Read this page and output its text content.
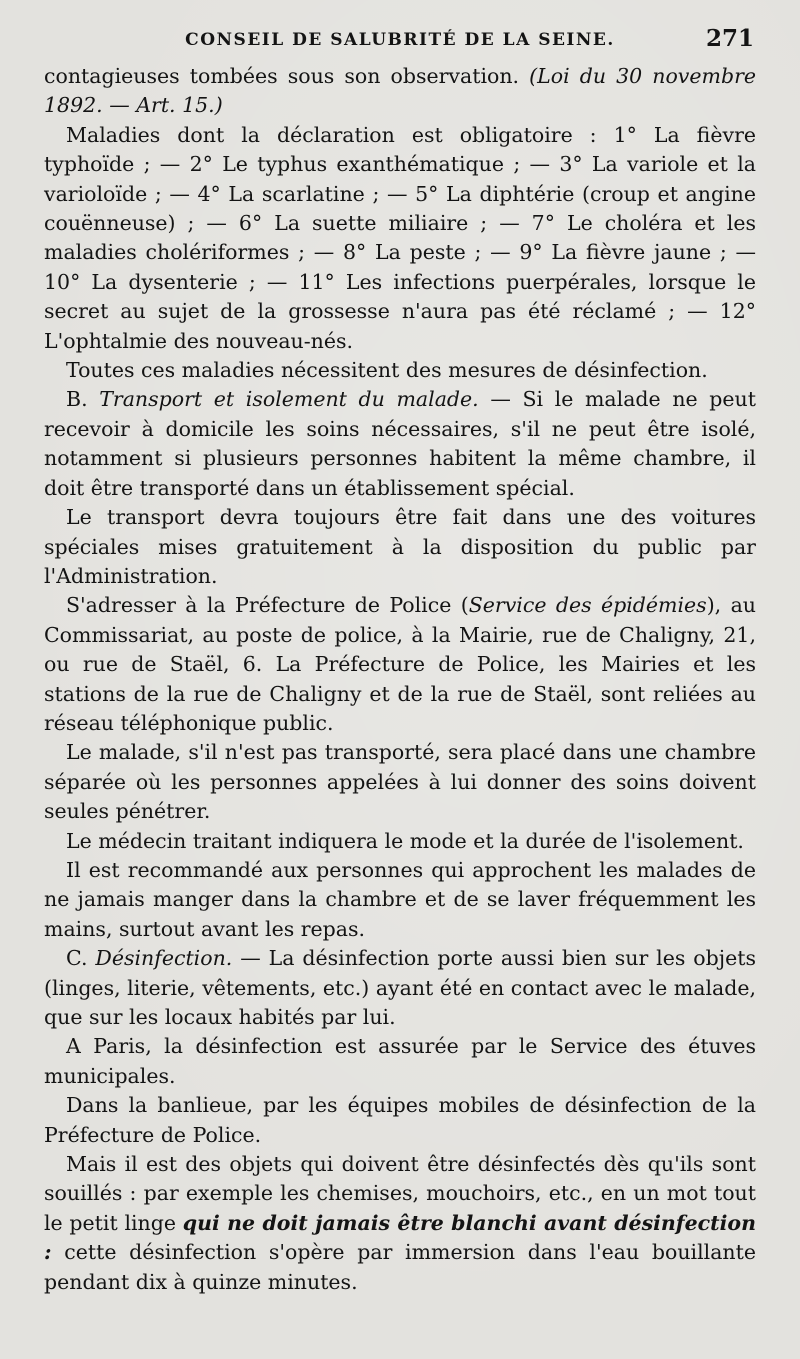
CONSEIL DE SALUBRITÉ DE LA SEINE.	271

contagieuses tombées sous son observation. (Loi du 30 novembre 1892. — Art. 15.)

Maladies dont la déclaration est obligatoire : 1° La fièvre typhoïde ; — 2° Le typhus exanthématique ; — 3° La variole et la varioloïde ; — 4° La scarlatine ; — 5° La diphtérie (croup et angine couënneuse) ; — 6° La suette miliaire ; — 7° Le choléra et les maladies cholériformes ; — 8° La peste ; — 9° La fièvre jaune ; — 10° La dysenterie ; — 11° Les infections puerpérales, lorsque le secret au sujet de la grossesse n'aura pas été réclamé ; — 12° L'ophtalmie des nouveau-nés.

Toutes ces maladies nécessitent des mesures de désinfection.

B. Transport et isolement du malade. — Si le malade ne peut recevoir à domicile les soins nécessaires, s'il ne peut être isolé, notamment si plusieurs personnes habitent la même chambre, il doit être transporté dans un établissement spécial.

Le transport devra toujours être fait dans une des voitures spéciales mises gratuitement à la disposition du public par l'Administration.

S'adresser à la Préfecture de Police (Service des épidémies), au Commissariat, au poste de police, à la Mairie, rue de Chaligny, 21, ou rue de Staël, 6. La Préfecture de Police, les Mairies et les stations de la rue de Chaligny et de la rue de Staël, sont reliées au réseau téléphonique public.

Le malade, s'il n'est pas transporté, sera placé dans une chambre séparée où les personnes appelées à lui donner des soins doivent seules pénétrer.

Le médecin traitant indiquera le mode et la durée de l'isolement.

Il est recommandé aux personnes qui approchent les malades de ne jamais manger dans la chambre et de se laver fréquemment les mains, surtout avant les repas.

C. Désinfection. — La désinfection porte aussi bien sur les objets (linges, literie, vêtements, etc.) ayant été en contact avec le malade, que sur les locaux habités par lui.

A Paris, la désinfection est assurée par le Service des étuves municipales.

Dans la banlieue, par les équipes mobiles de désinfection de la Préfecture de Police.

Mais il est des objets qui doivent être désinfectés dès qu'ils sont souillés : par exemple les chemises, mouchoirs, etc., en un mot tout le petit linge qui ne doit jamais être blanchi avant désinfection : cette désinfection s'opère par immersion dans l'eau bouillante pendant dix à quinze minutes.
